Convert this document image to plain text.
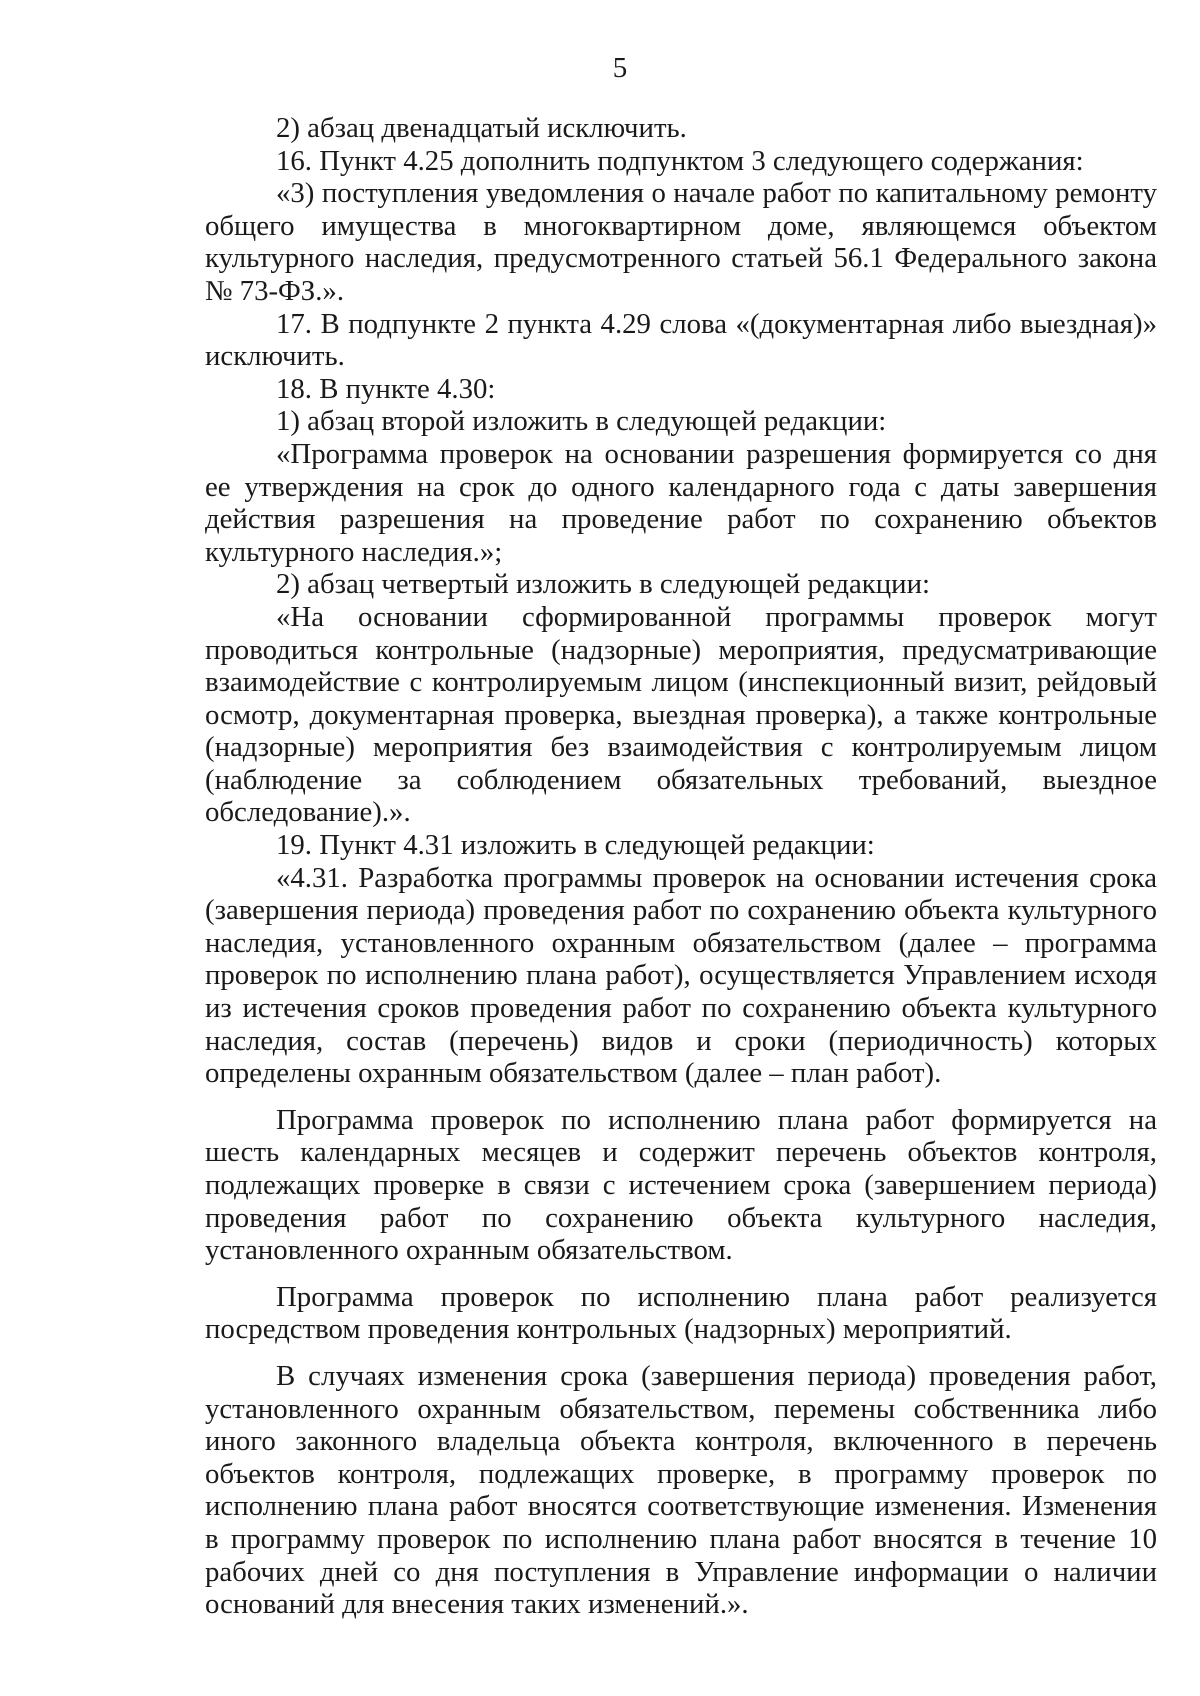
5

2) абзац двенадцатый исключить.

16. Пункт 4.25 дополнить подпунктом 3 следующего содержания:

«3) поступления уведомления о начале работ по капитальному ремонту общего имущества в многоквартирном доме, являющемся объектом культурного наследия, предусмотренного статьей 56.1 Федерального закона № 73-ФЗ.».

17. В подпункте 2 пункта 4.29 слова «(документарная либо выездная)» исключить.

18. В пункте 4.30:

1) абзац второй изложить в следующей редакции:

«Программа проверок на основании разрешения формируется со дня ее утверждения на срок до одного календарного года с даты завершения действия разрешения на проведение работ по сохранению объектов культурного наследия.»;

2) абзац четвертый изложить в следующей редакции:

«На основании сформированной программы проверок могут проводиться контрольные (надзорные) мероприятия, предусматривающие взаимодействие с контролируемым лицом (инспекционный визит, рейдовый осмотр, документарная проверка, выездная проверка), а также контрольные (надзорные) мероприятия без взаимодействия с контролируемым лицом (наблюдение за соблюдением обязательных требований, выездное обследование).».

19. Пункт 4.31 изложить в следующей редакции:

«4.31. Разработка программы проверок на основании истечения срока (завершения периода) проведения работ по сохранению объекта культурного наследия, установленного охранным обязательством (далее – программа проверок по исполнению плана работ), осуществляется Управлением исходя из истечения сроков проведения работ по сохранению объекта культурного наследия, состав (перечень) видов и сроки (периодичность) которых определены охранным обязательством (далее – план работ).

Программа проверок по исполнению плана работ формируется на шесть календарных месяцев и содержит перечень объектов контроля, подлежащих проверке в связи с истечением срока (завершением периода) проведения работ по сохранению объекта культурного наследия, установленного охранным обязательством.

Программа проверок по исполнению плана работ реализуется посредством проведения контрольных (надзорных) мероприятий.

В случаях изменения срока (завершения периода) проведения работ, установленного охранным обязательством, перемены собственника либо иного законного владельца объекта контроля, включенного в перечень объектов контроля, подлежащих проверке, в программу проверок по исполнению плана работ вносятся соответствующие изменения. Изменения в программу проверок по исполнению плана работ вносятся в течение 10 рабочих дней со дня поступления в Управление информации о наличии оснований для внесения таких изменений.».
